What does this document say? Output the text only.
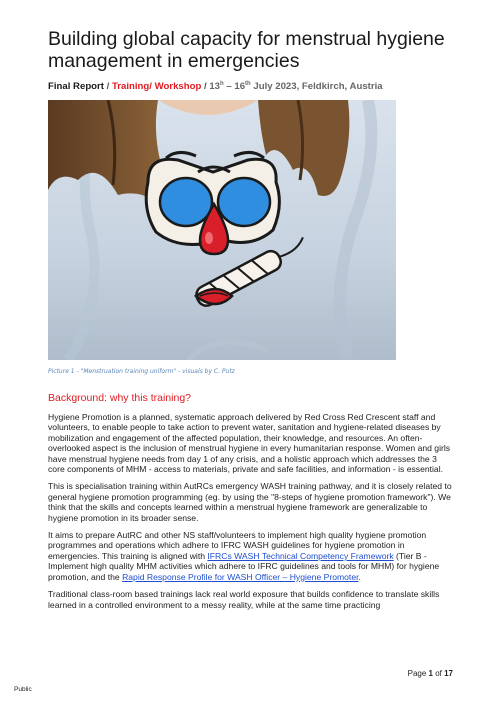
Building global capacity for menstrual hygiene management in emergencies
Final Report / Training/ Workshop / 13$^h$ – 16th July 2023, Feldkirch, Austria
Picture 1 - "Menstruation training uniform" - visuals by C. Putz
Background: why this training?

Hygiene Promotion is a planned, systematic approach delivered by Red Cross Red Crescent staff and volunteers, to enable people to take action to prevent water, sanitation and hygiene-related diseases by mobilization and engagement of the affected population, their knowledge, and resources. An often-overlooked aspect is the inclusion of menstrual hygiene in every humanitarian response. Women and girls have menstrual hygiene needs from day 1 of any crisis, and a holistic approach which addresses the 3 core components of MHM - access to materials, private and safe facilities, and information - is essential.

This is specialisation training within AutRCs emergency WASH training pathway, and it is closely related to general hygiene promotion programming (eg. by using the "8-steps of hygiene promotion framework"). We think that the skills and concepts learned within a menstrual hygiene framework are generalizable to hygiene promotion in its broader sense.

It aims to prepare AutRC and other NS staff/volunteers to implement high quality hygiene promotion programmes and operations which adhere to IFRC WASH guidelines for hygiene promotion in emergencies. This training is aligned with IFRCs WASH Technical Competency Framework (Tier B - Implement high quality MHM activities which adhere to IFRC guidelines and tools for MHM) for hygiene promotion, and the Rapid Response Profile for WASH Officer – Hygiene Promoter.

Traditional class-room based trainings lack real world exposure that builds confidence to translate skills learned in a controlled environment to a messy reality, while at the same time practicing

Page 1 of 17
Public
